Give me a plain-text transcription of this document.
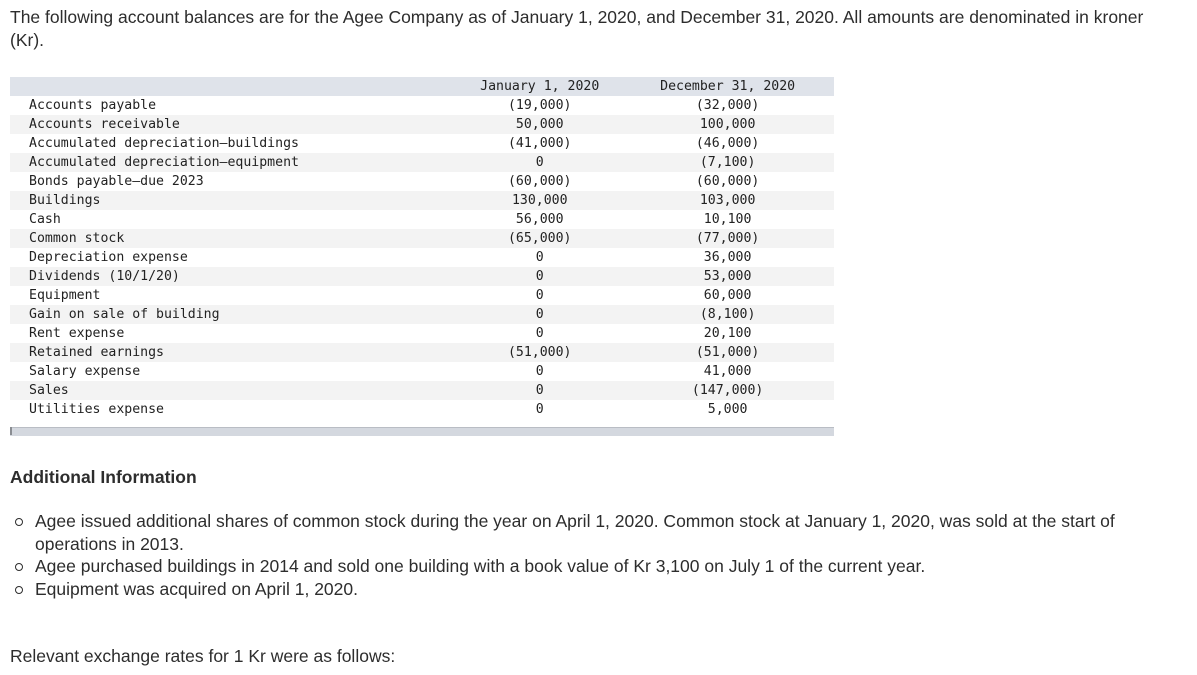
The following account balances are for the Agee Company as of January 1, 2020, and December 31, 2020. All amounts are denominated in kroner (Kr).

	January 1, 2020	December 31, 2020
Accounts payable	(19,000)	(32,000)
Accounts receivable	50,000	100,000
Accumulated depreciation—buildings	(41,000)	(46,000)
Accumulated depreciation—equipment	0	(7,100)
Bonds payable—due 2023	(60,000)	(60,000)
Buildings	130,000	103,000
Cash	56,000	10,100
Common stock	(65,000)	(77,000)
Depreciation expense	0	36,000
Dividends (10/1/20)	0	53,000
Equipment	0	60,000
Gain on sale of building	0	(8,100)
Rent expense	0	20,100
Retained earnings	(51,000)	(51,000)
Salary expense	0	41,000
Sales	0	(147,000)
Utilities expense	0	5,000
Additional Information
Agee issued additional shares of common stock during the year on April 1, 2020. Common stock at January 1, 2020, was sold at the start of operations in 2013.
Agee purchased buildings in 2014 and sold one building with a book value of Kr 3,100 on July 1 of the current year.
Equipment was acquired on April 1, 2020.

Relevant exchange rates for 1 Kr were as follows:
